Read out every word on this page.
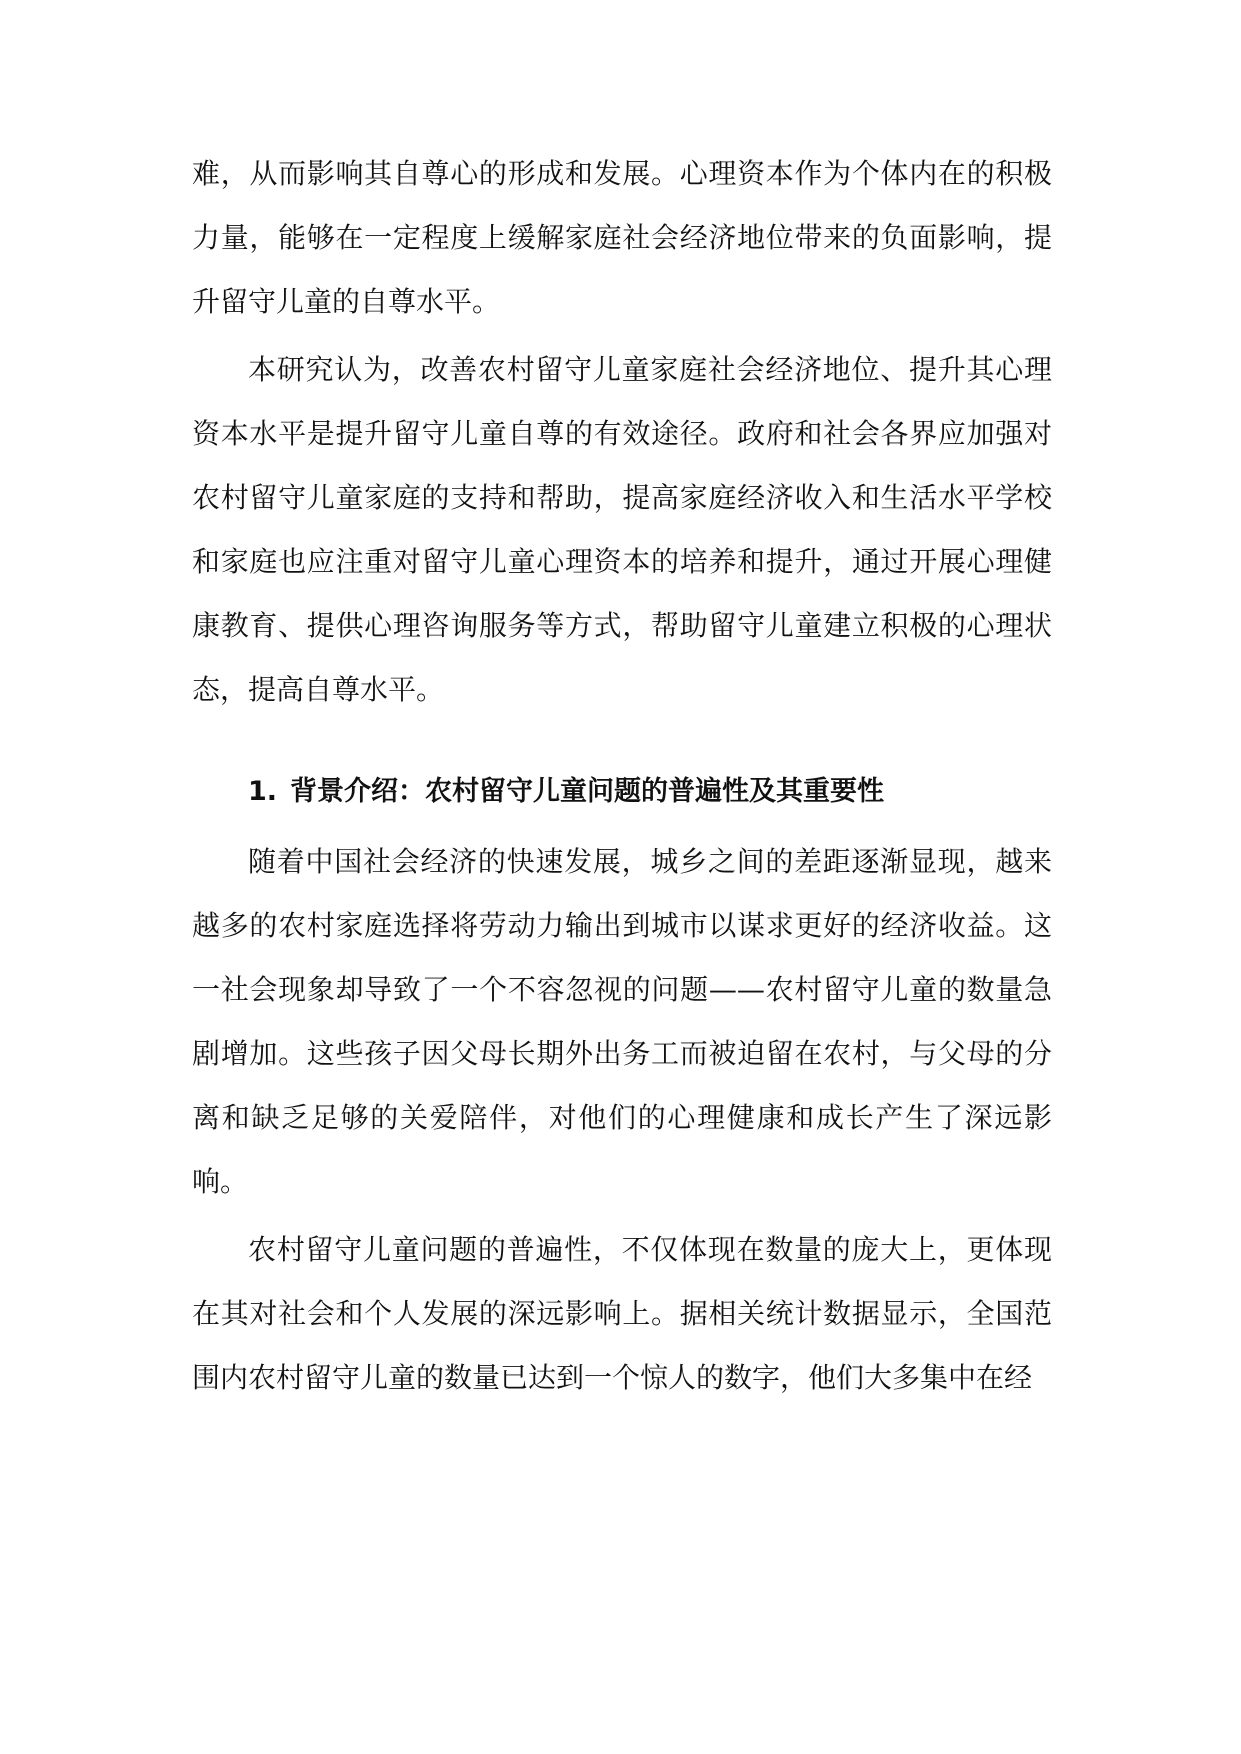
难，从而影响其自尊心的形成和发展。心理资本作为个体内在的积极力量，能够在一定程度上缓解家庭社会经济地位带来的负面影响，提升留守儿童的自尊水平。

本研究认为，改善农村留守儿童家庭社会经济地位、提升其心理资本水平是提升留守儿童自尊的有效途径。政府和社会各界应加强对农村留守儿童家庭的支持和帮助，提高家庭经济收入和生活水平学校和家庭也应注重对留守儿童心理资本的培养和提升，通过开展心理健康教育、提供心理咨询服务等方式，帮助留守儿童建立积极的心理状态，提高自尊水平。

1. 背景介绍：农村留守儿童问题的普遍性及其重要性

随着中国社会经济的快速发展，城乡之间的差距逐渐显现，越来越多的农村家庭选择将劳动力输出到城市以谋求更好的经济收益。这一社会现象却导致了一个不容忽视的问题——农村留守儿童的数量急剧增加。这些孩子因父母长期外出务工而被迫留在农村，与父母的分离和缺乏足够的关爱陪伴，对他们的心理健康和成长产生了深远影响。

农村留守儿童问题的普遍性，不仅体现在数量的庞大上，更体现在其对社会和个人发展的深远影响上。据相关统计数据显示，全国范围内农村留守儿童的数量已达到一个惊人的数字，他们大多集中在经
